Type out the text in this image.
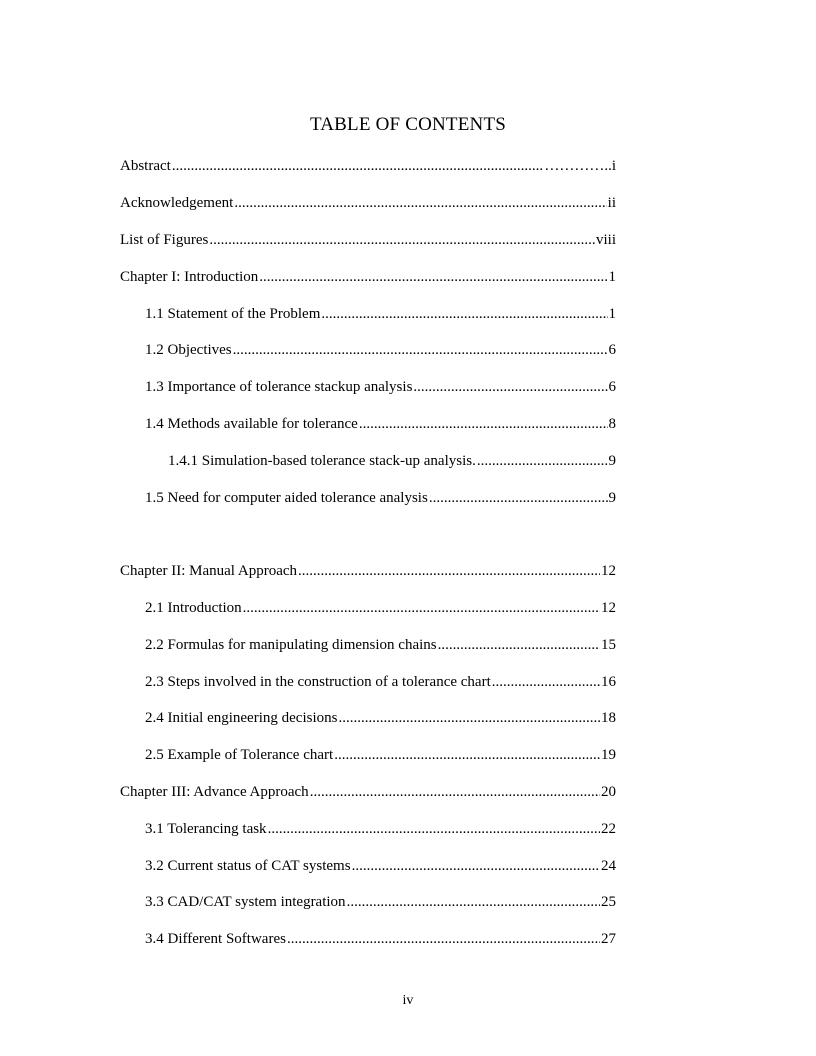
TABLE OF CONTENTS
Abstract .....	………….. i
Acknowledgement .....	ii
List of Figures .....	viii
Chapter I: Introduction .....	1
1.1 Statement of the Problem .....	1
1.2 Objectives .....	6
1.3 Importance of tolerance stackup analysis .....	6
1.4 Methods available for tolerance .....	8
1.4.1 Simulation-based tolerance stack-up analysis. .....	9
1.5 Need for computer aided tolerance analysis .....	9
Chapter II: Manual Approach .....	12
2.1 Introduction .....	12
2.2 Formulas for manipulating dimension chains .....	15
2.3 Steps involved in the construction of a tolerance chart .....	16
2.4 Initial engineering decisions .....	18
2.5 Example of Tolerance chart .....	19
Chapter III: Advance Approach .....	20
3.1 Tolerancing task .....	22
3.2 Current status of CAT systems .....	24
3.3 CAD/CAT system integration .....	25
3.4 Different Softwares .....	27
iv
